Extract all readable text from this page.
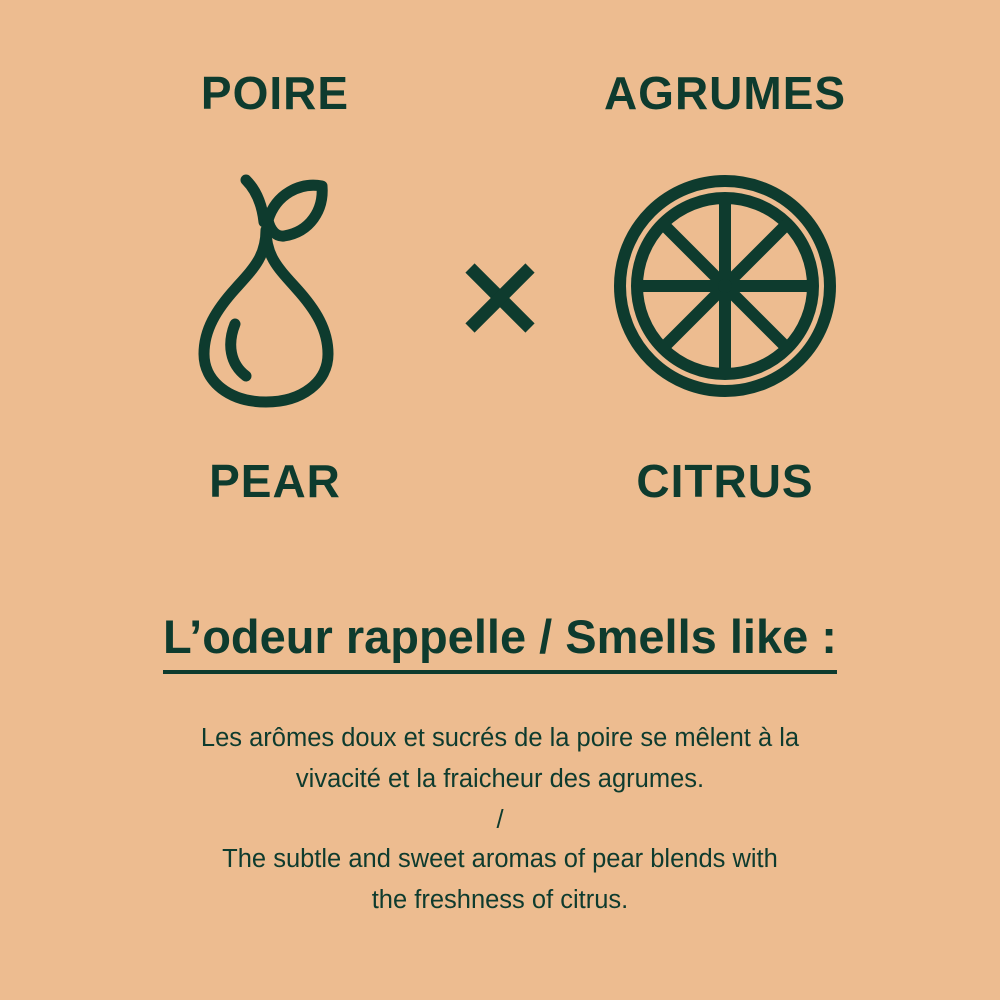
POIRE
PEAR
AGRUMES
CITRUS
L’odeur rappelle / Smells like :
Les arômes doux et sucrés de la poire se mêlent à la
vivacité et la fraicheur des agrumes.
/
The subtle and sweet aromas of pear blends with
the freshness of citrus.
